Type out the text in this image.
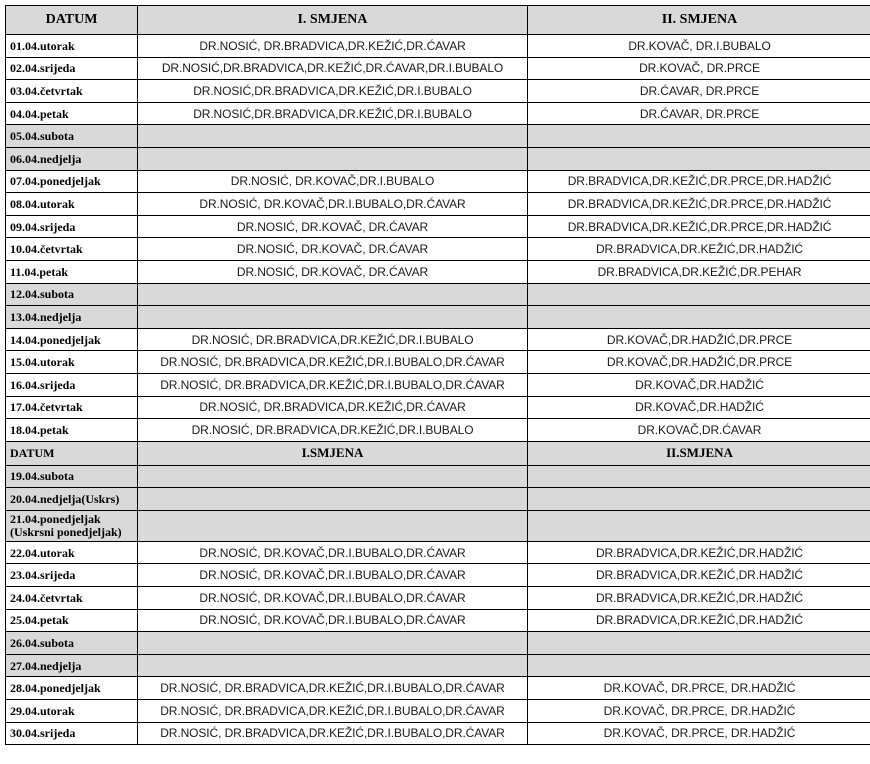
DATUM	I. SMJENA	II. SMJENA
01.04.utorak	DR.NOSIĆ, DR.BRADVICA,DR.KEŽIĆ,DR.ĆAVAR	DR.KOVAČ, DR.I.BUBALO
02.04.srijeda	DR.NOSIĆ,DR.BRADVICA,DR.KEŽIĆ,DR.ĆAVAR,DR.I.BUBALO	DR.KOVAČ, DR.PRCE
03.04.četvrtak	DR.NOSIĆ,DR.BRADVICA,DR.KEŽIĆ,DR.I.BUBALO	DR.ĆAVAR, DR.PRCE
04.04.petak	DR.NOSIĆ,DR.BRADVICA,DR.KEŽIĆ,DR.I.BUBALO	DR.ĆAVAR, DR.PRCE
05.04.subota		
06.04.nedjelja		
07.04.ponedjeljak	DR.NOSIĆ, DR.KOVAČ,DR.I.BUBALO	DR.BRADVICA,DR.KEŽIĆ,DR.PRCE,DR.HADŽIĆ
08.04.utorak	DR.NOSIĆ, DR.KOVAČ,DR.I.BUBALO,DR.ĆAVAR	DR.BRADVICA,DR.KEŽIĆ,DR.PRCE,DR.HADŽIĆ
09.04.srijeda	DR.NOSIĆ, DR.KOVAČ, DR.ĆAVAR	DR.BRADVICA,DR.KEŽIĆ,DR.PRCE,DR.HADŽIĆ
10.04.četvrtak	DR.NOSIĆ, DR.KOVAČ, DR.ĆAVAR	DR.BRADVICA,DR.KEŽIĆ,DR.HADŽIĆ
11.04.petak	DR.NOSIĆ, DR.KOVAČ, DR.ĆAVAR	DR.BRADVICA,DR.KEŽIĆ,DR.PEHAR
12.04.subota		
13.04.nedjelja		
14.04.ponedjeljak	DR.NOSIĆ, DR.BRADVICA,DR.KEŽIĆ,DR.I.BUBALO	DR.KOVAČ,DR.HADŽIĆ,DR.PRCE
15.04.utorak	DR.NOSIĆ, DR.BRADVICA,DR.KEŽIĆ,DR.I.BUBALO,DR.ĆAVAR	DR.KOVAČ,DR.HADŽIĆ,DR.PRCE
16.04.srijeda	DR.NOSIĆ, DR.BRADVICA,DR.KEŽIĆ,DR.I.BUBALO,DR.ĆAVAR	DR.KOVAČ,DR.HADŽIĆ
17.04.četvrtak	DR.NOSIĆ, DR.BRADVICA,DR.KEŽIĆ,DR.ĆAVAR	DR.KOVAČ,DR.HADŽIĆ
18.04.petak	DR.NOSIĆ, DR.BRADVICA,DR.KEŽIĆ,DR.I.BUBALO	DR.KOVAČ,DR.ĆAVAR
DATUM	I.SMJENA	II.SMJENA
19.04.subota		
20.04.nedjelja(Uskrs)		
21.04.ponedjeljak (Uskrsni ponedjeljak)		
22.04.utorak	DR.NOSIĆ, DR.KOVAČ,DR.I.BUBALO,DR.ĆAVAR	DR.BRADVICA,DR.KEŽIĆ,DR.HADŽIĆ
23.04.srijeda	DR.NOSIĆ, DR.KOVAČ,DR.I.BUBALO,DR.ĆAVAR	DR.BRADVICA,DR.KEŽIĆ,DR.HADŽIĆ
24.04.četvrtak	DR.NOSIĆ, DR.KOVAČ,DR.I.BUBALO,DR.ĆAVAR	DR.BRADVICA,DR.KEŽIĆ,DR.HADŽIĆ
25.04.petak	DR.NOSIĆ, DR.KOVAČ,DR.I.BUBALO,DR.ĆAVAR	DR.BRADVICA,DR.KEŽIĆ,DR.HADŽIĆ
26.04.subota		
27.04.nedjelja		
28.04.ponedjeljak	DR.NOSIĆ, DR.BRADVICA,DR.KEŽIĆ,DR.I.BUBALO,DR.ĆAVAR	DR.KOVAČ, DR.PRCE, DR.HADŽIĆ
29.04.utorak	DR.NOSIĆ, DR.BRADVICA,DR.KEŽIĆ,DR.I.BUBALO,DR.ĆAVAR	DR.KOVAČ, DR.PRCE, DR.HADŽIĆ
30.04.srijeda	DR.NOSIĆ, DR.BRADVICA,DR.KEŽIĆ,DR.I.BUBALO,DR.ĆAVAR	DR.KOVAČ, DR.PRCE, DR.HADŽIĆ
